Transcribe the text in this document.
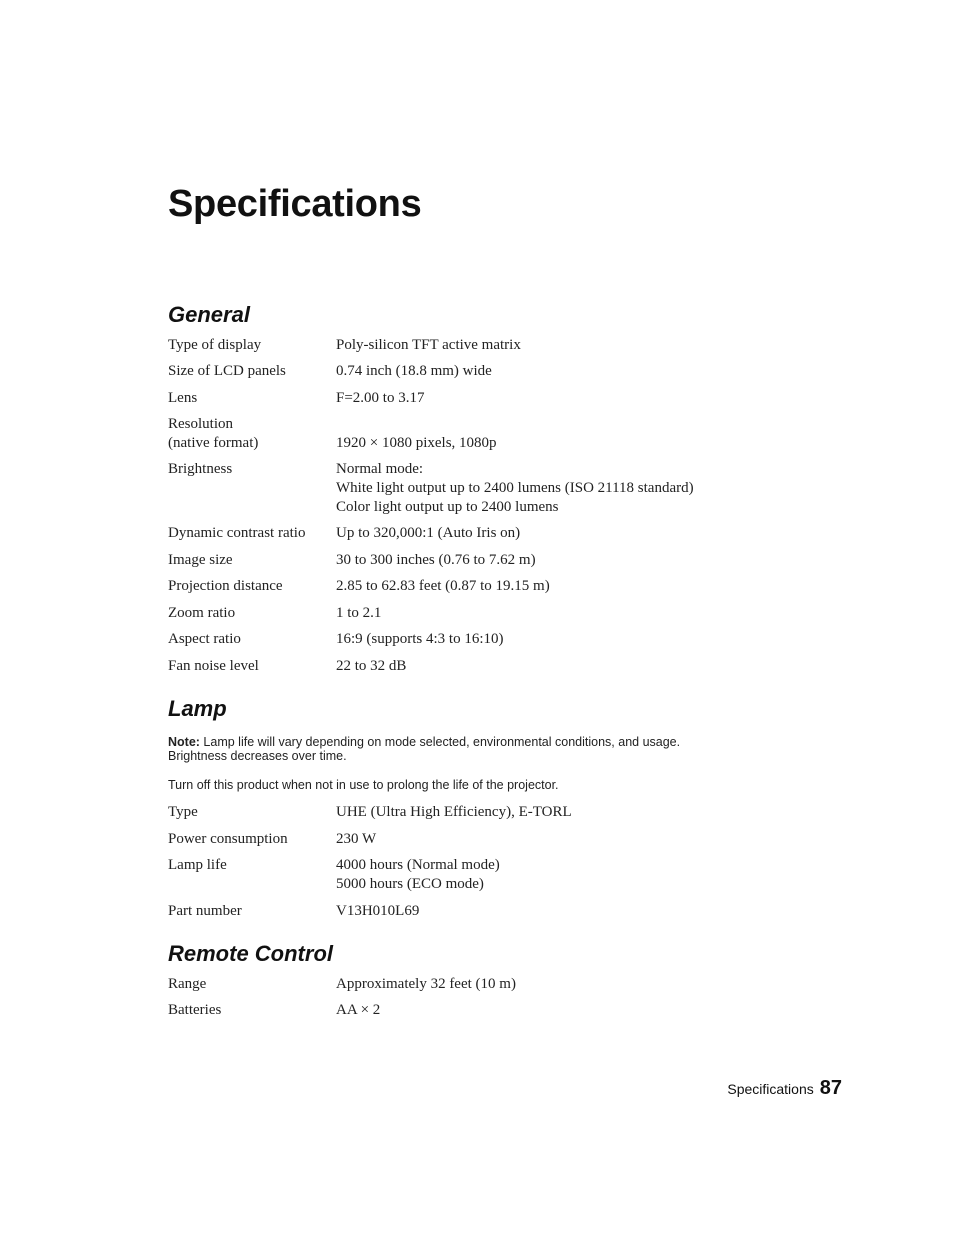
Specifications
General
Type of display	Poly-silicon TFT active matrix
Size of LCD panels	0.74 inch (18.8 mm) wide
Lens	F=2.00 to 3.17
Resolution
(native format)
	1920 × 1080 pixels, 1080p
Brightness	Normal mode:
White light output up to 2400 lumens (ISO 21118 standard)
Color light output up to 2400 lumens
Dynamic contrast ratio	Up to 320,000:1 (Auto Iris on)
Image size	30 to 300 inches (0.76 to 7.62 m)
Projection distance	2.85 to 62.83 feet (0.87 to 19.15 m)
Zoom ratio	1 to 2.1
Aspect ratio	16:9 (supports 4:3 to 16:10)
Fan noise level	22 to 32 dB
Lamp
Note: Lamp life will vary depending on mode selected, environmental conditions, and usage.
Brightness decreases over time.
Turn off this product when not in use to prolong the life of the projector.
Type	UHE (Ultra High Efficiency), E-TORL
Power consumption	230 W
Lamp life	4000 hours (Normal mode)
5000 hours (ECO mode)
Part number	V13H010L69
Remote Control
Range	Approximately 32 feet (10 m)
Batteries	AA × 2
Specifications 87
